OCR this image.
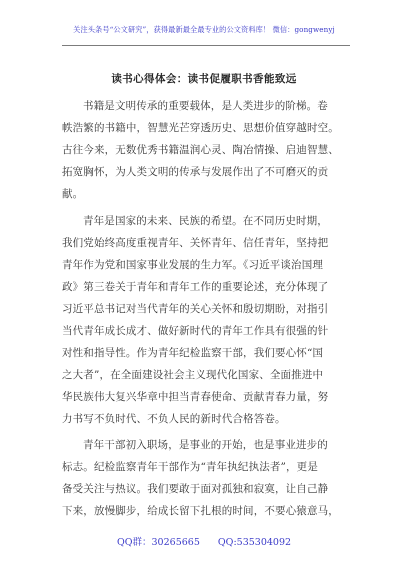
关注头条号“公文研究”，获得最新最全最专业的公文资料库！ 微信：gongwenyj
读书心得体会：读书促履职书香能致远
书籍是文明传承的重要载体，是人类进步的阶梯。卷
帙浩繁的书籍中，智慧光芒穿透历史、思想价值穿越时空。
古往今来，无数优秀书籍温润心灵、陶冶情操、启迪智慧、
拓宽胸怀，为人类文明的传承与发展作出了不可磨灭的贡
献。
青年是国家的未来、民族的希望。在不同历史时期，
我们党始终高度重视青年、关怀青年、信任青年，坚持把
青年作为党和国家事业发展的生力军。《习近平谈治国理
政》第三卷关于青年和青年工作的重要论述，充分体现了
习近平总书记对当代青年的关心关怀和殷切期盼，对指引
当代青年成长成才、做好新时代的青年工作具有很强的针
对性和指导性。作为青年纪检监察干部，我们要心怀“国
之大者”，在全面建设社会主义现代化国家、全面推进中
华民族伟大复兴华章中担当青春使命、贡献青春力量，努
力书写不负时代、不负人民的新时代合格答卷。
青年干部初入职场，是事业的开始，也是事业进步的
标志。纪检监察青年干部作为“青年执纪执法者”，更是
备受关注与热议。我们要敢于面对孤独和寂寞，让自己静
下来，放慢脚步，给成长留下扎根的时间，不要心猿意马，
QQ群：30265665 QQ:535304092
